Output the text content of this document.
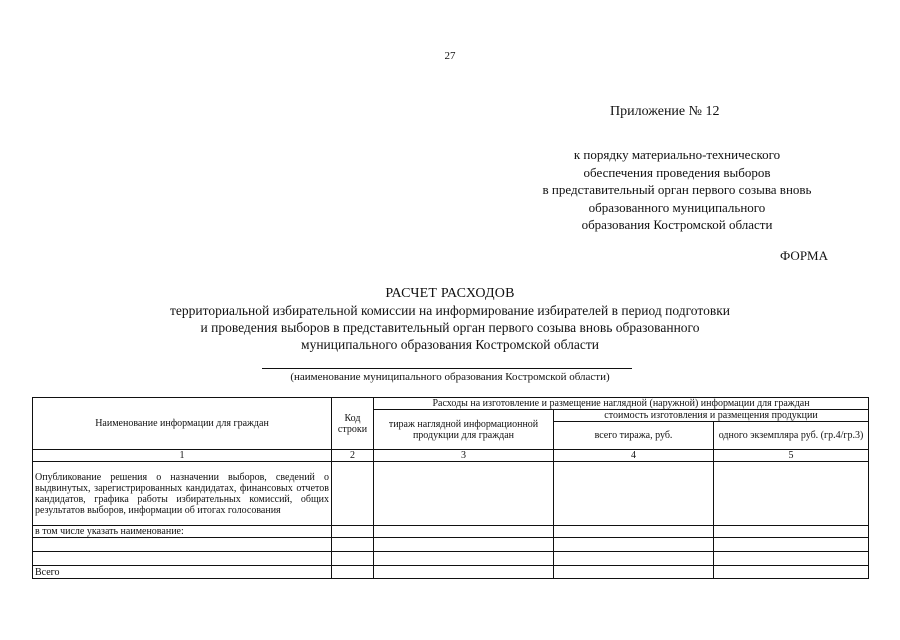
27
Приложение № 12
к порядку материально-технического
обеспечения проведения выборов
в представительный орган первого созыва вновь
образованного муниципального
образования Костромской области
ФОРМА
РАСЧЕТ РАСХОДОВ
территориальной избирательной комиссии на информирование избирателей в период подготовки
и проведения выборов в представительный орган первого созыва вновь образованного
муниципального образования Костромской области
(наименование муниципального образования Костромской области)
Наименование информации для граждан	Код строки	Расходы на изготовление и размещение наглядной (наружной) информации для граждан		
		тираж наглядной информационной продукции для граждан	стоимость изготовления и размещения продукции	
			всего тиража, руб.	одного экземпляра руб. (гр.4/гр.3)
1	2	3	4	5
Опубликование решения о назначении выборов, сведений о выдвинутых, зарегистрированных кандидатах, финансовых отчетов кандидатов, графика работы избирательных комиссий, общих результатов выборов, информации об итогах голосования				
в том числе указать наименование:				

Всего				
